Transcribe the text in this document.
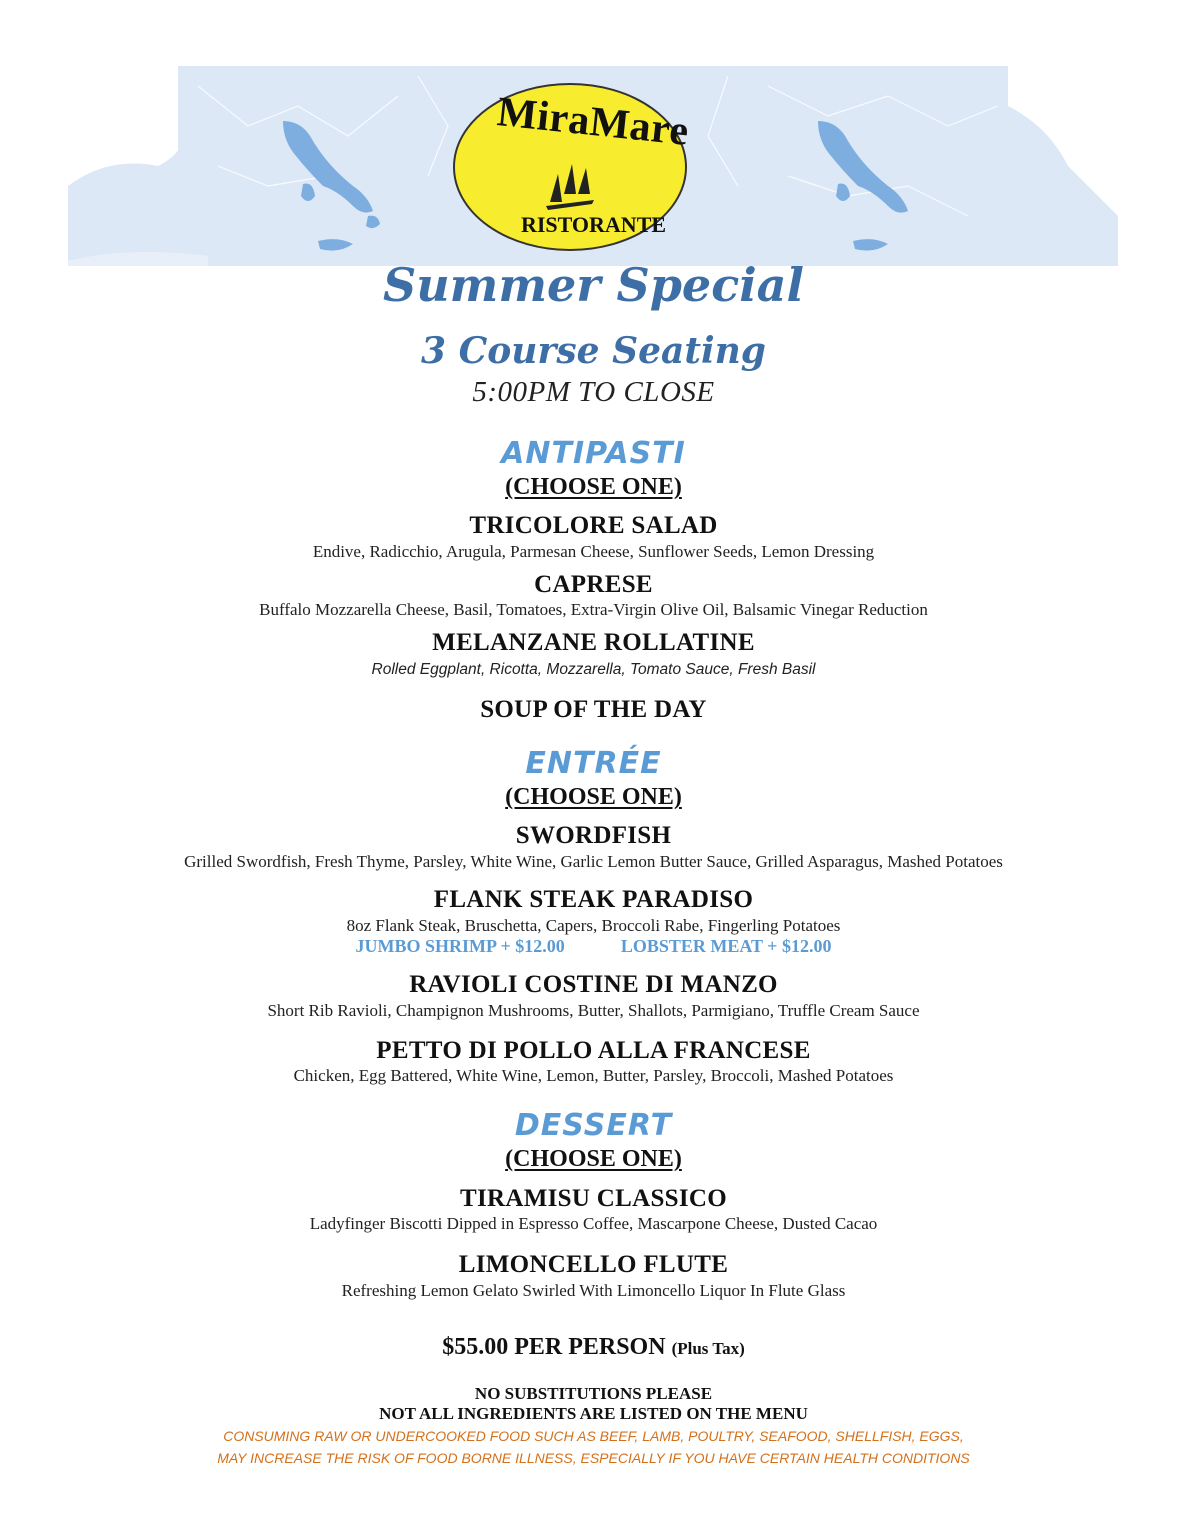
MiraMare
RISTORANTE
Summer Special
3 Course Seating
5:00PM TO CLOSE
ANTIPASTI
(CHOOSE ONE)
TRICOLORE SALAD
Endive, Radicchio, Arugula, Parmesan Cheese, Sunflower Seeds, Lemon Dressing
CAPRESE
Buffalo Mozzarella Cheese, Basil, Tomatoes, Extra-Virgin Olive Oil, Balsamic Vinegar Reduction
MELANZANE ROLLATINE
Rolled Eggplant, Ricotta, Mozzarella, Tomato Sauce, Fresh Basil
SOUP OF THE DAY
ENTRÉE
(CHOOSE ONE)
SWORDFISH
Grilled Swordfish, Fresh Thyme, Parsley, White Wine, Garlic Lemon Butter Sauce, Grilled Asparagus, Mashed Potatoes
FLANK STEAK PARADISO
8oz Flank Steak, Bruschetta, Capers, Broccoli Rabe, Fingerling Potatoes
JUMBO SHRIMP + $12.00	LOBSTER MEAT + $12.00
RAVIOLI COSTINE DI MANZO
Short Rib Ravioli, Champignon Mushrooms, Butter, Shallots, Parmigiano, Truffle Cream Sauce
PETTO DI POLLO ALLA FRANCESE
Chicken, Egg Battered, White Wine, Lemon, Butter, Parsley, Broccoli, Mashed Potatoes
DESSERT
(CHOOSE ONE)
TIRAMISU CLASSICO
Ladyfinger Biscotti Dipped in Espresso Coffee, Mascarpone Cheese, Dusted Cacao
LIMONCELLO FLUTE
Refreshing Lemon Gelato Swirled With Limoncello Liquor In Flute Glass
$55.00 PER PERSON (Plus Tax)
NO SUBSTITUTIONS PLEASE
NOT ALL INGREDIENTS ARE LISTED ON THE MENU
CONSUMING RAW OR UNDERCOOKED FOOD SUCH AS BEEF, LAMB, POULTRY, SEAFOOD, SHELLFISH, EGGS,
MAY INCREASE THE RISK OF FOOD BORNE ILLNESS, ESPECIALLY IF YOU HAVE CERTAIN HEALTH CONDITIONS
